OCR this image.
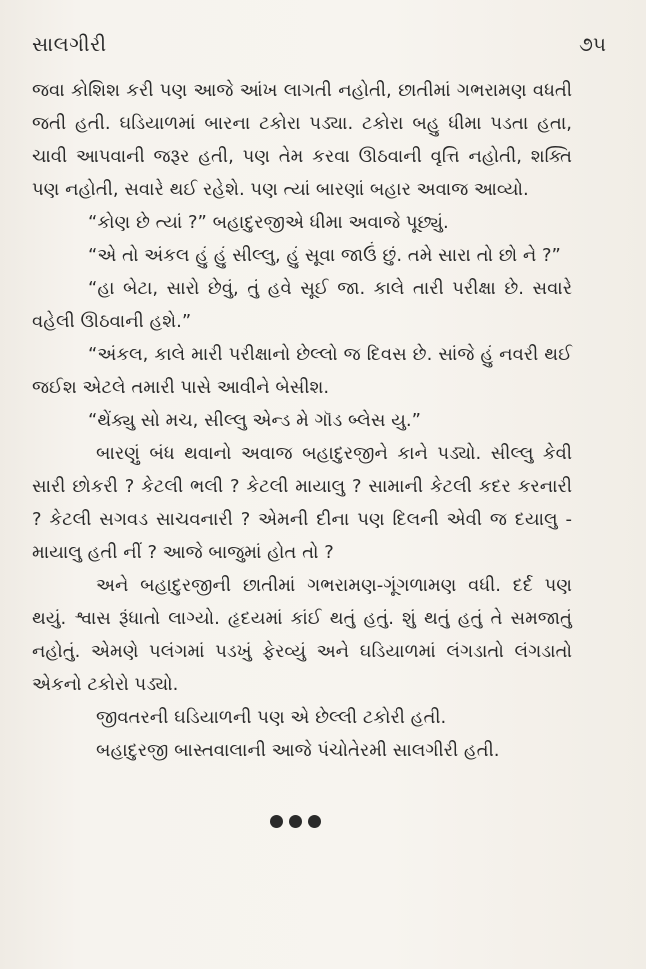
સાલગીરી	૭૫

જવા કોશિશ કરી પણ આજે આંખ લાગતી નહોતી, છાતીમાં ગભરામણ વધતી જતી હતી. ઘડિયાળમાં બારના ટકોરા પડ્યા. ટકોરા બહુ ધીમા પડતા હતા, ચાવી આપવાની જરૂર હતી, પણ તેમ કરવા ઊઠવાની વૃત્તિ નહોતી, શક્તિ પણ નહોતી, સવારે થઈ રહેશે. પણ ત્યાં બારણાં બહાર અવાજ આવ્યો.

“કોણ છે ત્યાં ?” બહાદુરજીએ ધીમા અવાજે પૂછ્યું.

“એ તો અંકલ હું હું સીલ્લુ, હું સૂવા જાઉં છું. તમે સારા તો છો ને ?”

“હા બેટા, સારો છેવું, તું હવે સૂઈ જા. કાલે તારી પરીક્ષા છે. સવારે વહેલી ઊઠવાની હશે.”

“અંકલ, કાલે મારી પરીક્ષાનો છેલ્લો જ દિવસ છે. સાંજે હું નવરી થઈ જઈશ એટલે તમારી પાસે આવીને બેસીશ.

“થેંક્યુ સો મચ, સીલ્લુ એન્ડ મે ગૉડ બ્લેસ યુ.”

બારણું બંધ થવાનો અવાજ બહાદુરજીને કાને પડ્યો. સીલ્લુ કેવી સારી છોકરી ? કેટલી ભલી ? કેટલી માયાલુ ? સામાની કેટલી કદર કરનારી ? કેટલી સગવડ સાચવનારી ? એમની દીના પણ દિલની એવી જ દયાલુ - માયાલુ હતી નીં ? આજે બાજુમાં હોત તો ?

અને બહાદુરજીની છાતીમાં ગભરામણ-ગૂંગળામણ વધી. દર્દ પણ થયું. શ્વાસ રૂંધાતો લાગ્યો. હૃદયમાં કાંઈ થતું હતું. શું થતું હતું તે સમજાતું નહોતું. એમણે પલંગમાં પડખું ફેરવ્યું અને ઘડિયાળમાં લંગડાતો લંગડાતો એકનો ટકોરો પડ્યો.

જીવતરની ઘડિયાળની પણ એ છેલ્લી ટકોરી હતી.

બહાદુરજી બાસ્તવાલાની આજે પંચોતેરમી સાલગીરી હતી.
